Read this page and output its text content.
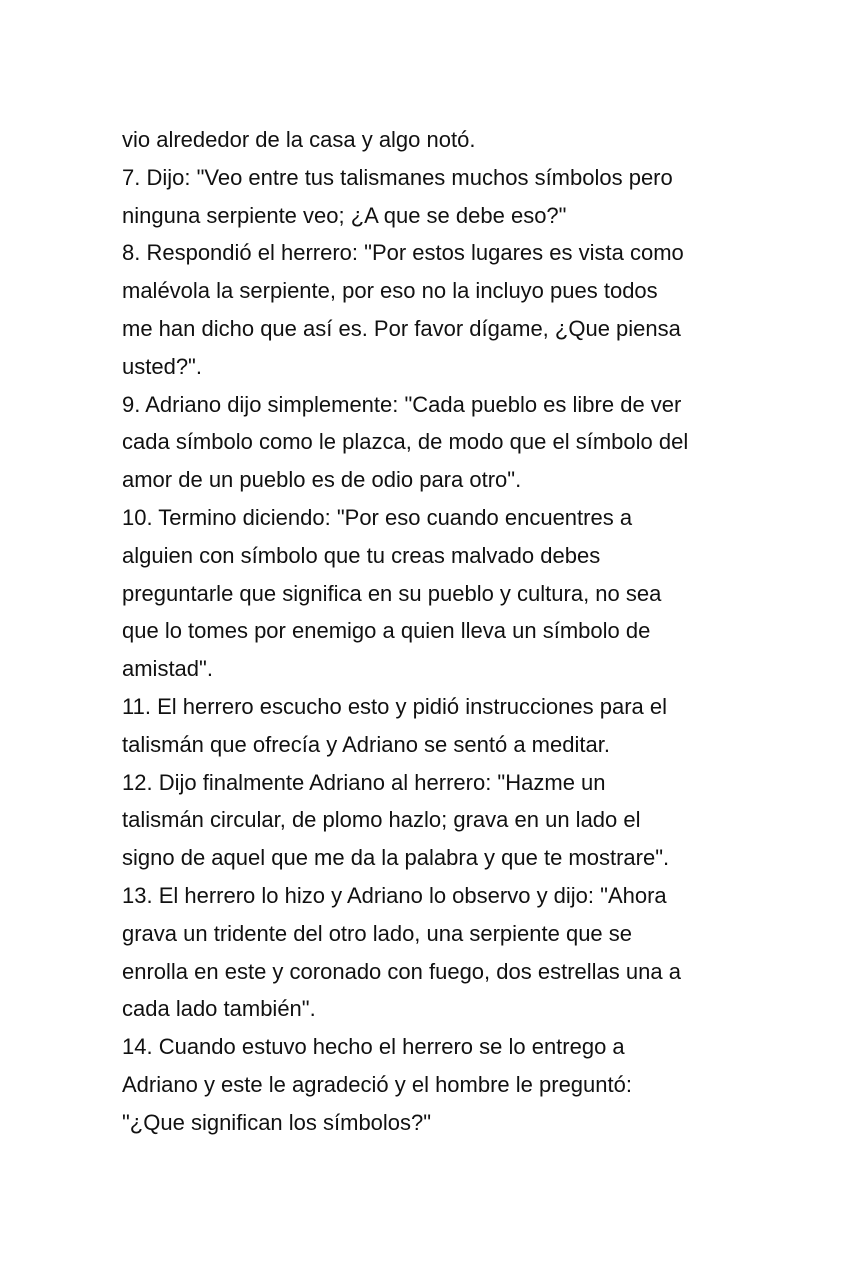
vio alrededor de la casa y algo notó.
7. Dijo: "Veo entre tus talismanes muchos símbolos pero
ninguna serpiente veo; ¿A que se debe eso?"
8. Respondió el herrero: "Por estos lugares es vista como
malévola la serpiente, por eso no la incluyo pues todos
me han dicho que así es. Por favor dígame, ¿Que piensa
usted?".
9. Adriano dijo simplemente: "Cada pueblo es libre de ver
cada símbolo como le plazca, de modo que el símbolo del
amor de un pueblo es de odio para otro".
10. Termino diciendo: "Por eso cuando encuentres a
alguien con símbolo que tu creas malvado debes
preguntarle que significa en su pueblo y cultura, no sea
que lo tomes por enemigo a quien lleva un símbolo de
amistad".
11. El herrero escucho esto y pidió instrucciones para el
talismán que ofrecía y Adriano se sentó a meditar.
12. Dijo finalmente Adriano al herrero: "Hazme un
talismán circular, de plomo hazlo; grava en un lado el
signo de aquel que me da la palabra y que te mostrare".
13. El herrero lo hizo y Adriano lo observo y dijo: "Ahora
grava un tridente del otro lado, una serpiente que se
enrolla en este y coronado con fuego, dos estrellas una a
cada lado también".
14. Cuando estuvo hecho el herrero se lo entrego a
Adriano y este le agradeció y el hombre le preguntó:
"¿Que significan los símbolos?"
